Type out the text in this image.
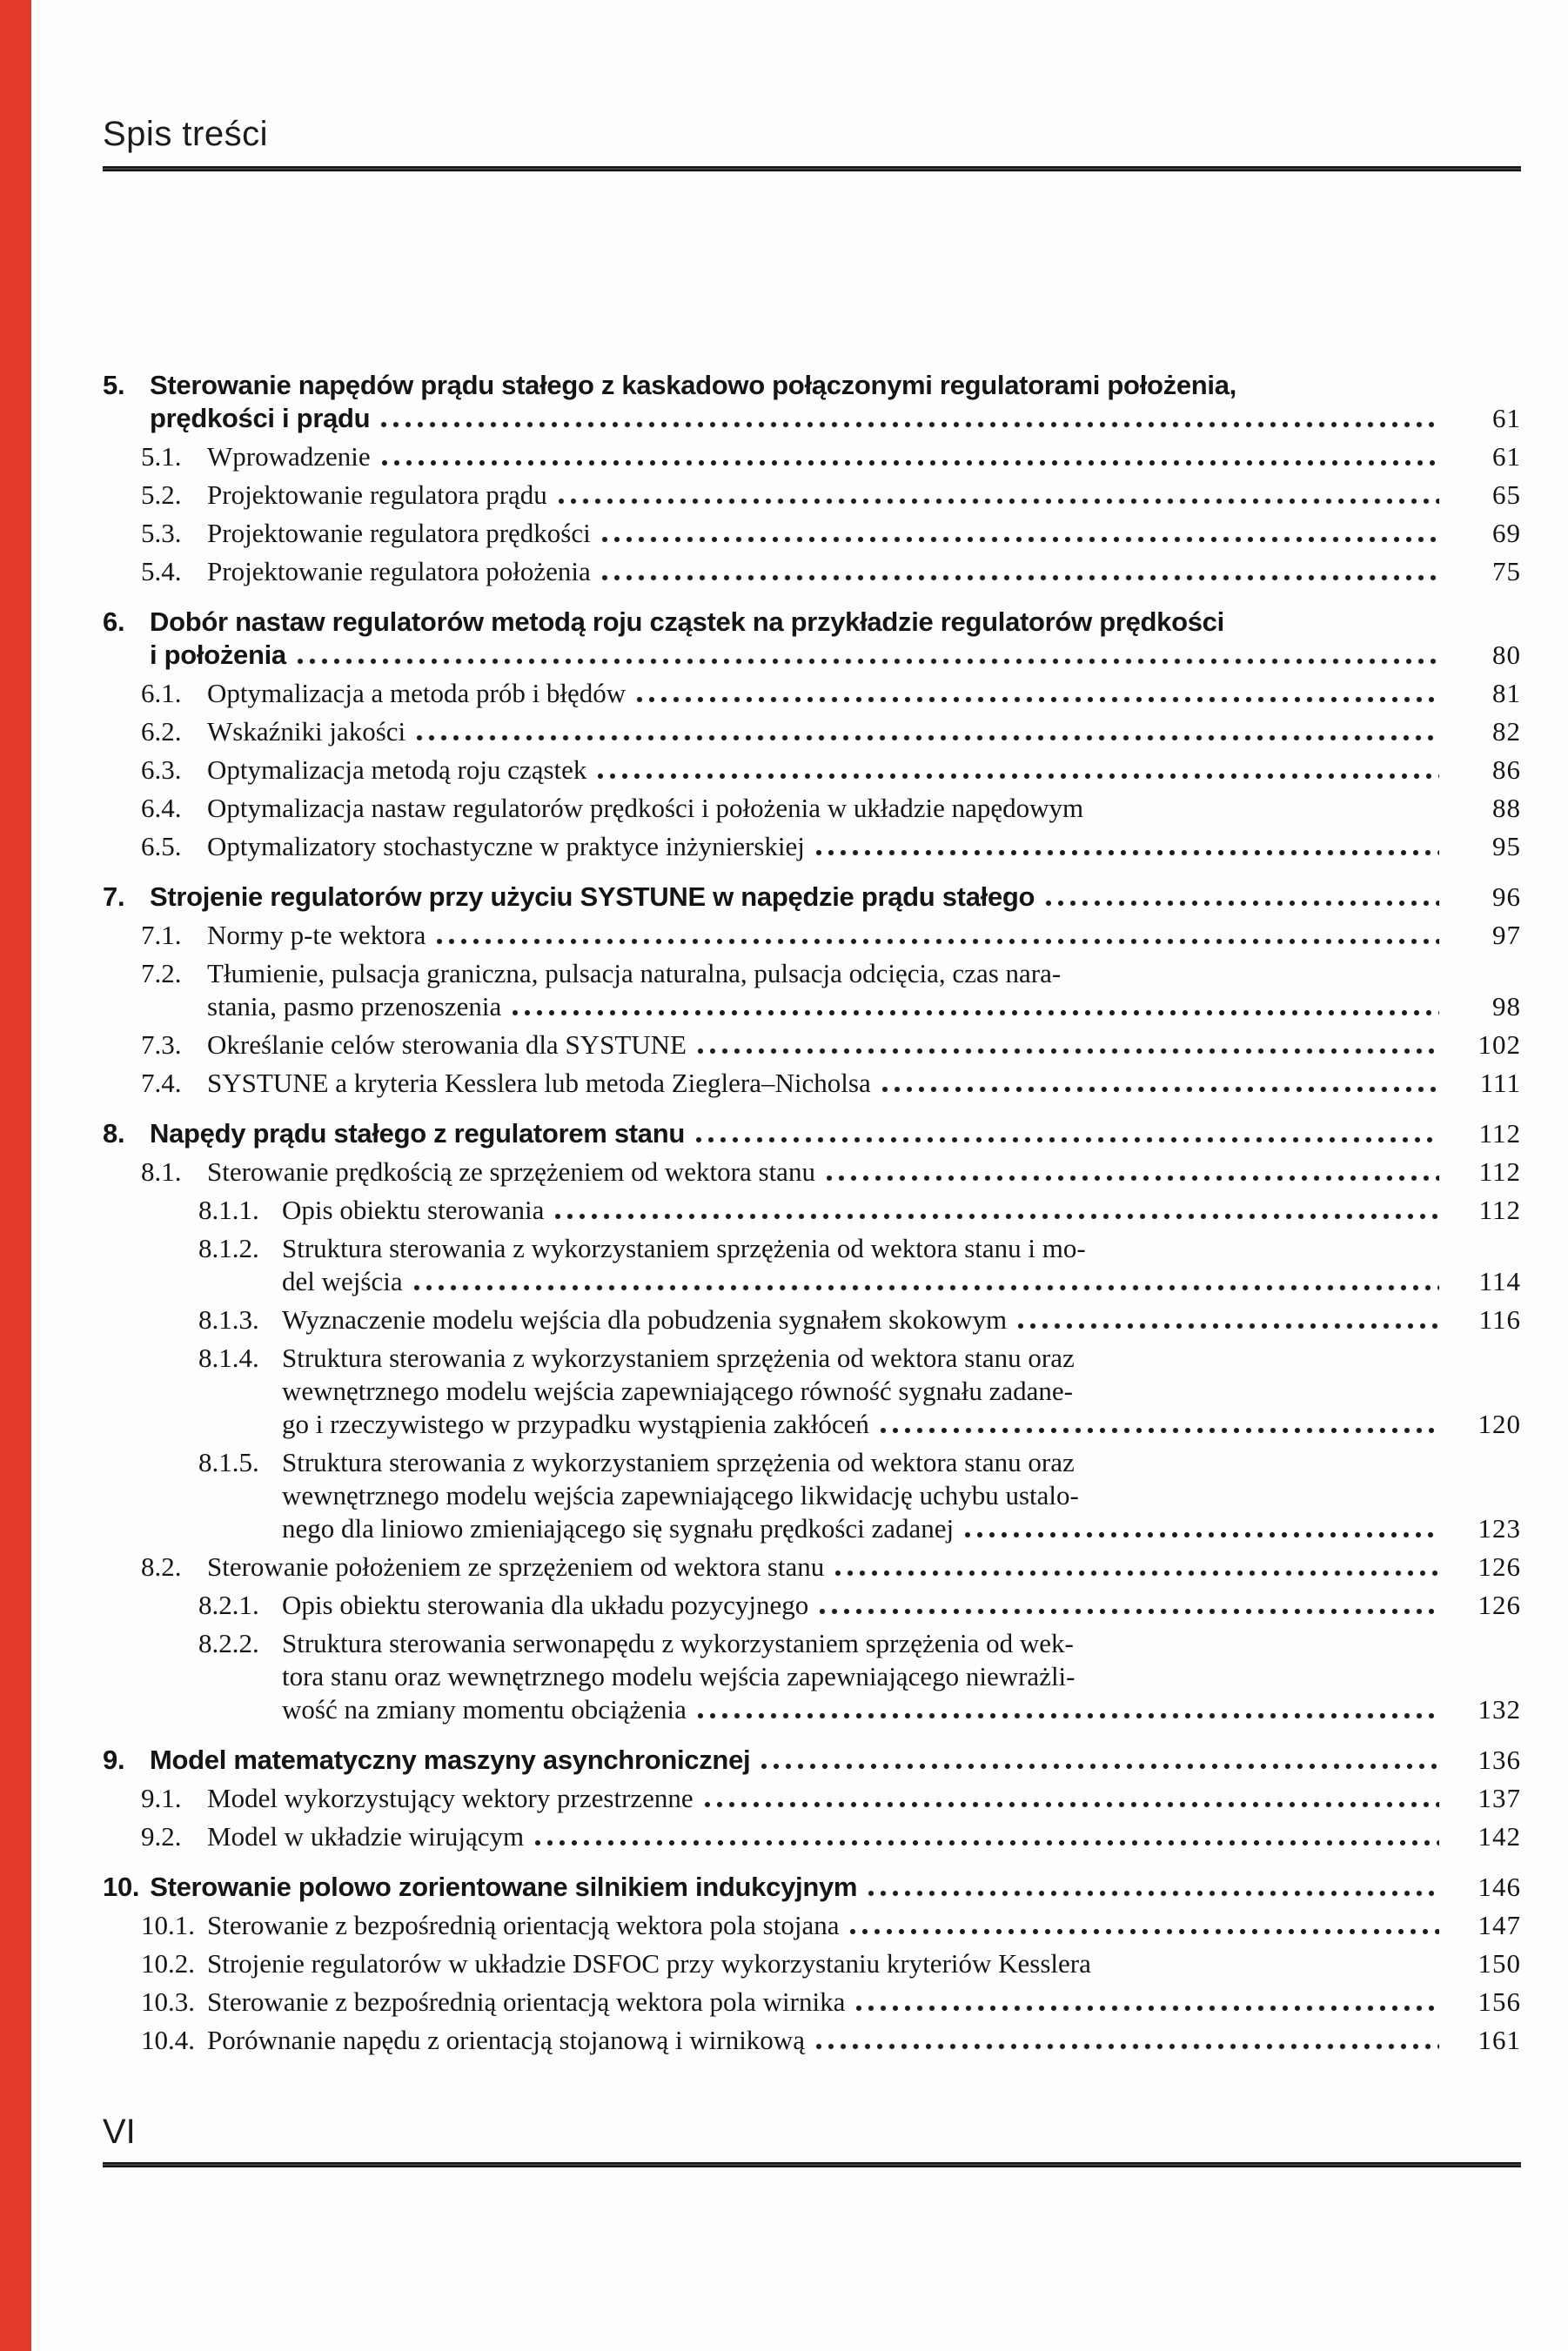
Spis treści
5. Sterowanie napędów prądu stałego z kaskadowo połączonymi regulatorami położenia,
prędkości i prądu	61
5.1. Wprowadzenie	61
5.2. Projektowanie regulatora prądu	65
5.3. Projektowanie regulatora prędkości	69
5.4. Projektowanie regulatora położenia	75
6. Dobór nastaw regulatorów metodą roju cząstek na przykładzie regulatorów prędkości
i położenia	80
6.1. Optymalizacja a metoda prób i błędów	81
6.2. Wskaźniki jakości	82
6.3. Optymalizacja metodą roju cząstek	86
6.4. Optymalizacja nastaw regulatorów prędkości i położenia w układzie napędowym	88
6.5. Optymalizatory stochastyczne w praktyce inżynierskiej	95
7. Strojenie regulatorów przy użyciu SYSTUNE w napędzie prądu stałego	96
7.1. Normy p-te wektora	97
7.2. Tłumienie, pulsacja graniczna, pulsacja naturalna, pulsacja odcięcia, czas nara-
stania, pasmo przenoszenia	98
7.3. Określanie celów sterowania dla SYSTUNE	102
7.4. SYSTUNE a kryteria Kesslera lub metoda Zieglera–Nicholsa	111
8. Napędy prądu stałego z regulatorem stanu	112
8.1. Sterowanie prędkością ze sprzężeniem od wektora stanu	112
8.1.1. Opis obiektu sterowania	112
8.1.2. Struktura sterowania z wykorzystaniem sprzężenia od wektora stanu i mo-
del wejścia	114
8.1.3. Wyznaczenie modelu wejścia dla pobudzenia sygnałem skokowym	116
8.1.4. Struktura sterowania z wykorzystaniem sprzężenia od wektora stanu oraz
wewnętrznego modelu wejścia zapewniającego równość sygnału zadane-
go i rzeczywistego w przypadku wystąpienia zakłóceń	120
8.1.5. Struktura sterowania z wykorzystaniem sprzężenia od wektora stanu oraz
wewnętrznego modelu wejścia zapewniającego likwidację uchybu ustalo-
nego dla liniowo zmieniającego się sygnału prędkości zadanej	123
8.2. Sterowanie położeniem ze sprzężeniem od wektora stanu	126
8.2.1. Opis obiektu sterowania dla układu pozycyjnego	126
8.2.2. Struktura sterowania serwonapędu z wykorzystaniem sprzężenia od wek-
tora stanu oraz wewnętrznego modelu wejścia zapewniającego niewrażli-
wość na zmiany momentu obciążenia	132
9. Model matematyczny maszyny asynchronicznej	136
9.1. Model wykorzystujący wektory przestrzenne	137
9.2. Model w układzie wirującym	142
10. Sterowanie polowo zorientowane silnikiem indukcyjnym	146
10.1. Sterowanie z bezpośrednią orientacją wektora pola stojana	147
10.2. Strojenie regulatorów w układzie DSFOC przy wykorzystaniu kryteriów Kesslera	150
10.3. Sterowanie z bezpośrednią orientacją wektora pola wirnika	156
10.4. Porównanie napędu z orientacją stojanową i wirnikową	161
VI
